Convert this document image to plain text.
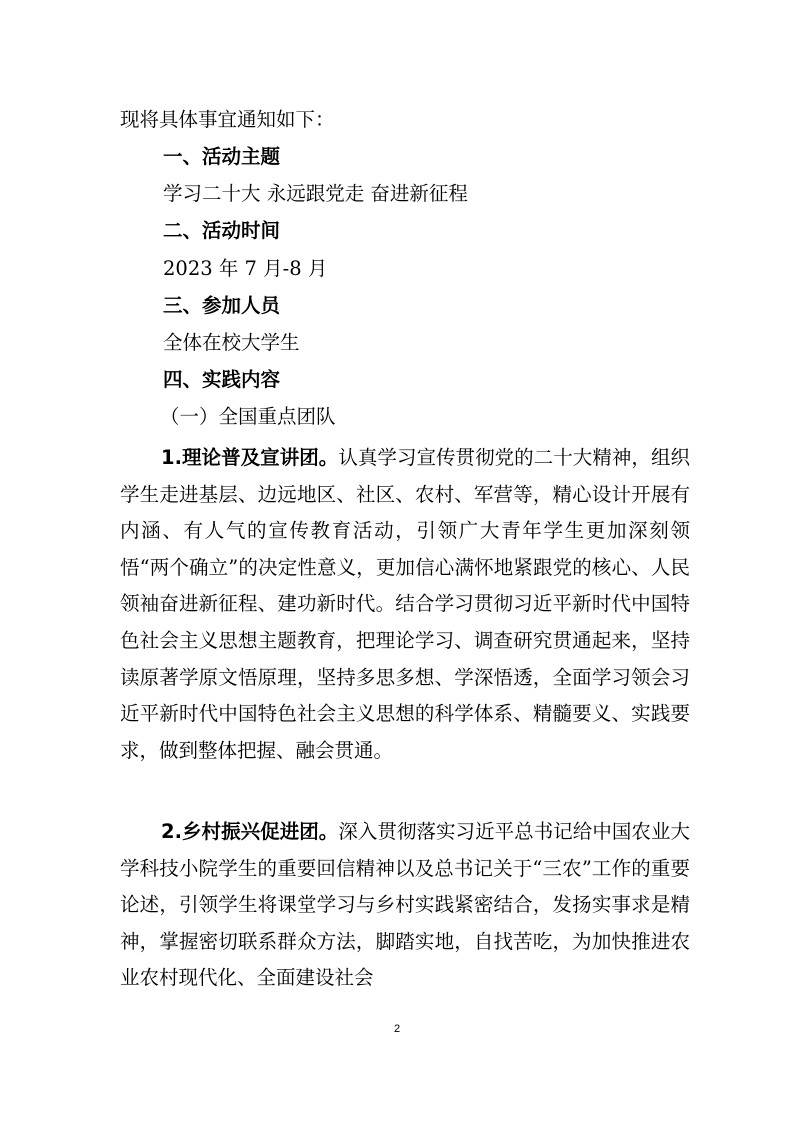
现将具体事宜通知如下：

一、活动主题

学习二十大 永远跟党走 奋进新征程

二、活动时间

2023 年 7 月-8 月

三、参加人员

全体在校大学生

四、实践内容

（一）全国重点团队

1.理论普及宣讲团。认真学习宣传贯彻党的二十大精神，组织学生走进基层、边远地区、社区、农村、军营等，精心设计开展有内涵、有人气的宣传教育活动，引领广大青年学生更加深刻领悟“两个确立”的决定性意义，更加信心满怀地紧跟党的核心、人民领袖奋进新征程、建功新时代。结合学习贯彻习近平新时代中国特色社会主义思想主题教育，把理论学习、调查研究贯通起来，坚持读原著学原文悟原理，坚持多思多想、学深悟透，全面学习领会习近平新时代中国特色社会主义思想的科学体系、精髓要义、实践要求，做到整体把握、融会贯通。

2.乡村振兴促进团。深入贯彻落实习近平总书记给中国农业大学科技小院学生的重要回信精神以及总书记关于“三农”工作的重要论述，引领学生将课堂学习与乡村实践紧密结合，发扬实事求是精神，掌握密切联系群众方法，脚踏实地，自找苦吃，为加快推进农业农村现代化、全面建设社会

2
